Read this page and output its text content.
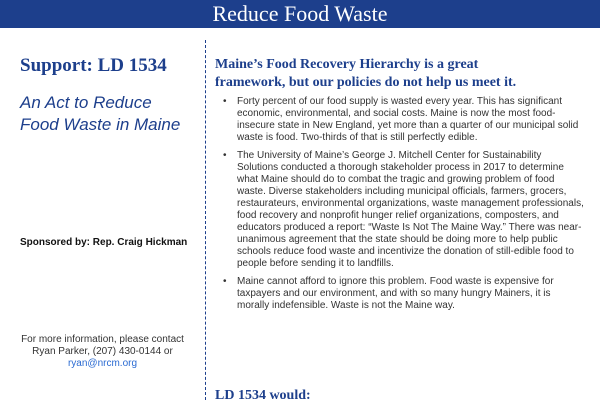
Reduce Food Waste
Support: LD 1534
An Act to Reduce
Food Waste in Maine
Sponsored by: Rep. Craig Hickman
For more information, please contact
Ryan Parker, (207) 430-0144 or
ryan@nrcm.org
Maine’s Food Recovery Hierarchy is a great
framework, but our policies do not help us meet it.
• Forty percent of our food supply is wasted every year. This has significant economic, environmental, and social costs. Maine is now the most food-insecure state in New England, yet more than a quarter of our municipal solid waste is food. Two-thirds of that is still perfectly edible.
• The University of Maine’s George J. Mitchell Center for Sustainability Solutions conducted a thorough stakeholder process in 2017 to determine what Maine should do to combat the tragic and growing problem of food waste. Diverse stakeholders including municipal officials, farmers, grocers, restaurateurs, environmental organizations, waste management professionals, food recovery and nonprofit hunger relief organizations, composters, and educators produced a report: “Waste Is Not The Maine Way.” There was near-unanimous agreement that the state should be doing more to help public schools reduce food waste and incentivize the donation of still-edible food to people before sending it to landfills.
• Maine cannot afford to ignore this problem. Food waste is expensive for taxpayers and our environment, and with so many hungry Mainers, it is morally indefensible. Waste is not the Maine way.
LD 1534 would:
